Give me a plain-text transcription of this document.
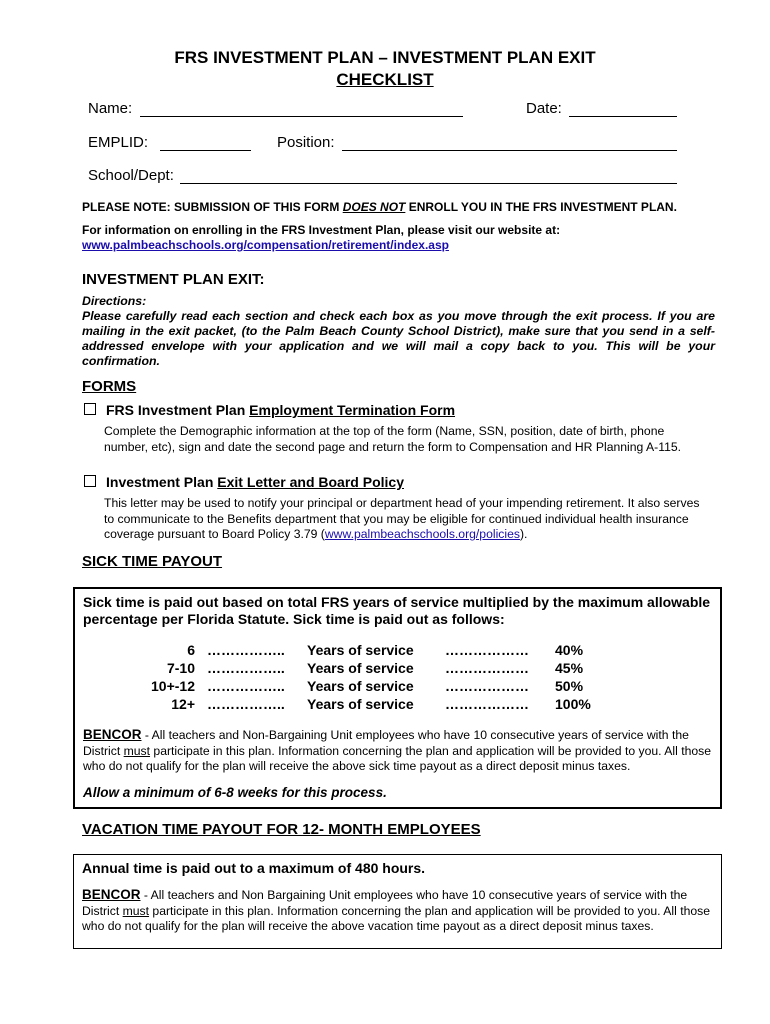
FRS INVESTMENT PLAN – INVESTMENT PLAN EXIT
CHECKLIST
Name:	Date:
EMPLID:	Position:
School/Dept:
PLEASE NOTE: SUBMISSION OF THIS FORM DOES NOT ENROLL YOU IN THE FRS INVESTMENT PLAN.
For information on enrolling in the FRS Investment Plan, please visit our website at:
www.palmbeachschools.org/compensation/retirement/index.asp
INVESTMENT PLAN EXIT:
Directions:
Please carefully read each section and check each box as you move through the exit process. If you are mailing in the exit packet, (to the Palm Beach County School District), make sure that you send in a self-addressed envelope with your application and we will mail a copy back to you. This will be your confirmation.
FORMS
FRS Investment Plan Employment Termination Form
Complete the Demographic information at the top of the form (Name, SSN, position, date of birth, phone number, etc), sign and date the second page and return the form to Compensation and HR Planning A-115.
Investment Plan Exit Letter and Board Policy
This letter may be used to notify your principal or department head of your impending retirement. It also serves to communicate to the Benefits department that you may be eligible for continued individual health insurance coverage pursuant to Board Policy 3.79 (www.palmbeachschools.org/policies).
SICK TIME PAYOUT
Sick time is paid out based on total FRS years of service multiplied by the maximum allowable percentage per Florida Statute. Sick time is paid out as follows:
6	……………..	Years of service	………………	40%
7-10	……………..	Years of service	………………	45%
10+-12	……………..	Years of service	………………	50%
12+	……………..	Years of service	………………	100%
BENCOR - All teachers and Non-Bargaining Unit employees who have 10 consecutive years of service with the District must participate in this plan. Information concerning the plan and application will be provided to you. All those who do not qualify for the plan will receive the above sick time payout as a direct deposit minus taxes.
Allow a minimum of 6-8 weeks for this process.
VACATION TIME PAYOUT FOR 12- MONTH EMPLOYEES
Annual time is paid out to a maximum of 480 hours.
BENCOR - All teachers and Non Bargaining Unit employees who have 10 consecutive years of service with the District must participate in this plan. Information concerning the plan and application will be provided to you. All those who do not qualify for the plan will receive the above vacation time payout as a direct deposit minus taxes.
